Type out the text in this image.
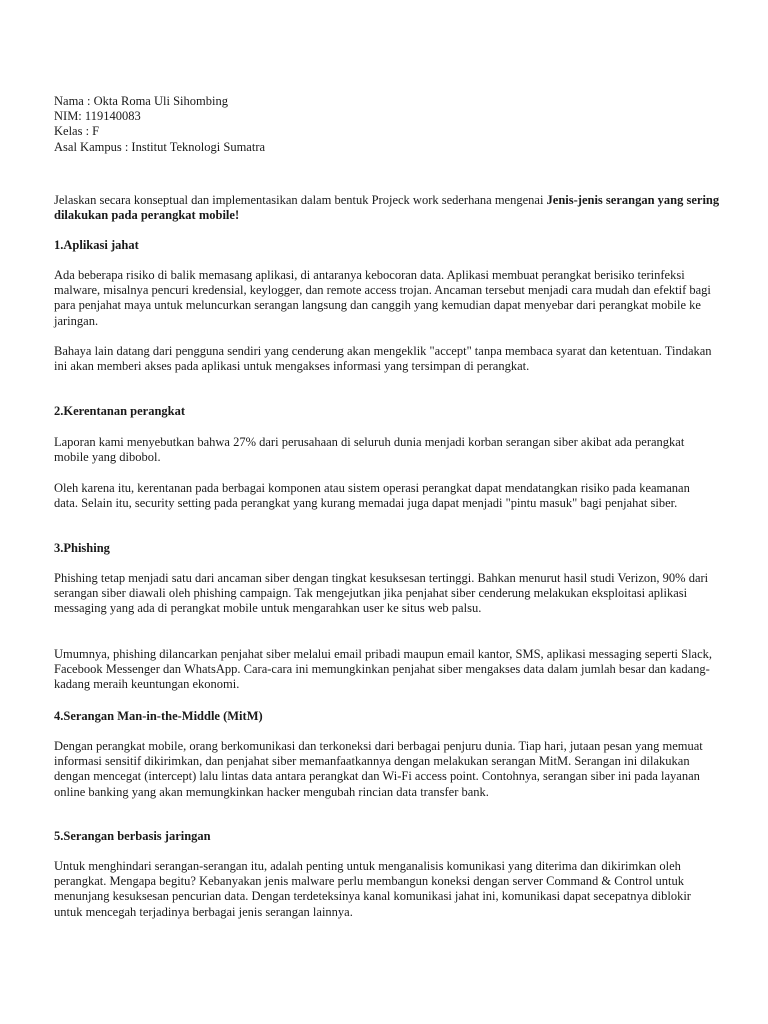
Nama : Okta Roma Uli Sihombing

NIM: 119140083

Kelas : F

Asal Kampus : Institut Teknologi Sumatra

Jelaskan secara konseptual dan implementasikan dalam bentuk Projeck work sederhana mengenai Jenis-jenis serangan yang sering dilakukan pada perangkat mobile!

1.Aplikasi jahat

Ada beberapa risiko di balik memasang aplikasi, di antaranya kebocoran data. Aplikasi membuat perangkat berisiko terinfeksi malware, misalnya pencuri kredensial, keylogger, dan remote access trojan. Ancaman tersebut menjadi cara mudah dan efektif bagi para penjahat maya untuk meluncurkan serangan langsung dan canggih yang kemudian dapat menyebar dari perangkat mobile ke jaringan.

Bahaya lain datang dari pengguna sendiri yang cenderung akan mengeklik "accept" tanpa membaca syarat dan ketentuan. Tindakan ini akan memberi akses pada aplikasi untuk mengakses informasi yang tersimpan di perangkat.

2.Kerentanan perangkat

Laporan kami menyebutkan bahwa 27% dari perusahaan di seluruh dunia menjadi korban serangan siber akibat ada perangkat mobile yang dibobol.

Oleh karena itu, kerentanan pada berbagai komponen atau sistem operasi perangkat dapat mendatangkan risiko pada keamanan data. Selain itu, security setting pada perangkat yang kurang memadai juga dapat menjadi "pintu masuk" bagi penjahat siber.

3.Phishing

Phishing tetap menjadi satu dari ancaman siber dengan tingkat kesuksesan tertinggi. Bahkan menurut hasil studi Verizon, 90% dari serangan siber diawali oleh phishing campaign. Tak mengejutkan jika penjahat siber cenderung melakukan eksploitasi aplikasi messaging yang ada di perangkat mobile untuk mengarahkan user ke situs web palsu.

Umumnya, phishing dilancarkan penjahat siber melalui email pribadi maupun email kantor, SMS, aplikasi messaging seperti Slack, Facebook Messenger dan WhatsApp. Cara-cara ini memungkinkan penjahat siber mengakses data dalam jumlah besar dan kadang-kadang meraih keuntungan ekonomi.

4.Serangan Man-in-the-Middle (MitM)

Dengan perangkat mobile, orang berkomunikasi dan terkoneksi dari berbagai penjuru dunia. Tiap hari, jutaan pesan yang memuat informasi sensitif dikirimkan, dan penjahat siber memanfaatkannya dengan melakukan serangan MitM. Serangan ini dilakukan dengan mencegat (intercept) lalu lintas data antara perangkat dan Wi-Fi access point. Contohnya, serangan siber ini pada layanan online banking yang akan memungkinkan hacker mengubah rincian data transfer bank.

5.Serangan berbasis jaringan

Untuk menghindari serangan-serangan itu, adalah penting untuk menganalisis komunikasi yang diterima dan dikirimkan oleh perangkat. Mengapa begitu? Kebanyakan jenis malware perlu membangun koneksi dengan server Command & Control untuk menunjang kesuksesan pencurian data. Dengan terdeteksinya kanal komunikasi jahat ini, komunikasi dapat secepatnya diblokir untuk mencegah terjadinya berbagai jenis serangan lainnya.
